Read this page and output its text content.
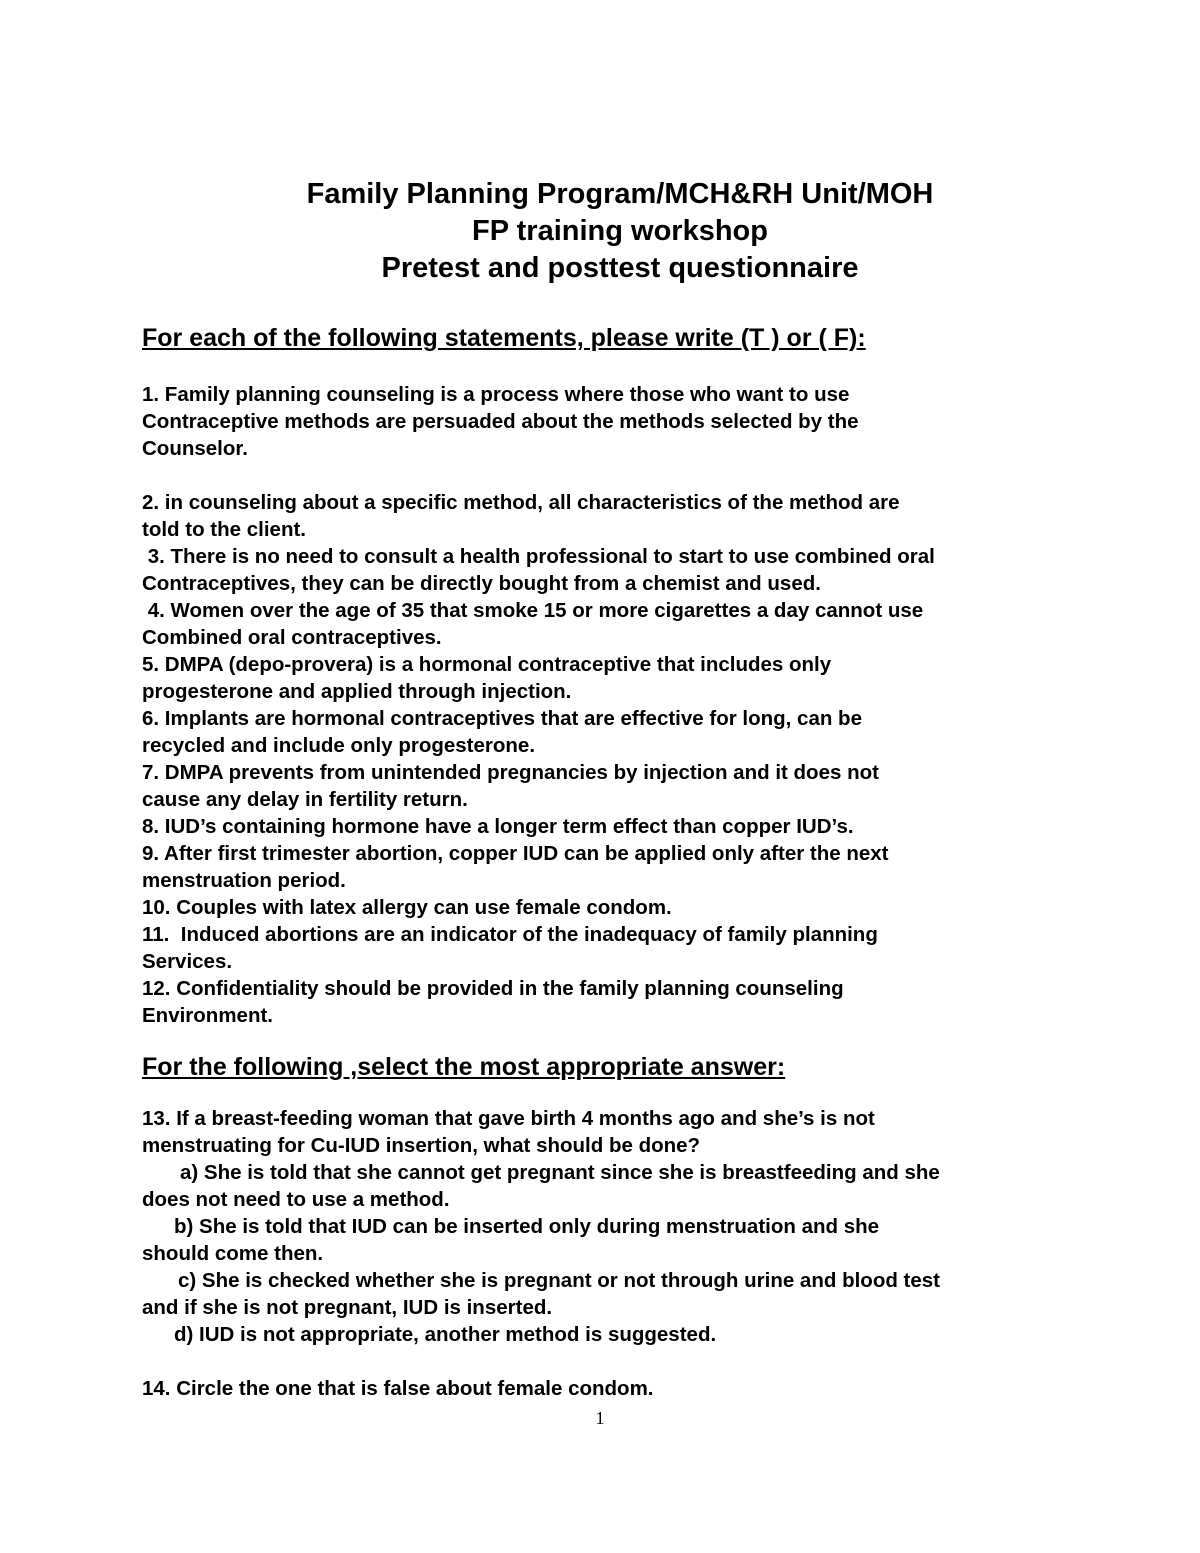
Family Planning Program/MCH&RH Unit/MOH
FP training workshop
Pretest and posttest questionnaire
For each of the following statements, please write (T ) or ( F):
1. Family planning counseling is a process where those who want to use
Contraceptive methods are persuaded about the methods selected by the
Counselor.
2. in counseling about a specific method, all characteristics of the method are
told to the client.
3. There is no need to consult a health professional to start to use combined oral
Contraceptives, they can be directly bought from a chemist and used.
4. Women over the age of 35 that smoke 15 or more cigarettes a day cannot use
Combined oral contraceptives.
5. DMPA (depo-provera) is a hormonal contraceptive that includes only
progesterone and applied through injection.
6. Implants are hormonal contraceptives that are effective for long, can be
recycled and include only progesterone.
7. DMPA prevents from unintended pregnancies by injection and it does not
cause any delay in fertility return.
8. IUD’s containing hormone have a longer term effect than copper IUD’s.
9. After first trimester abortion, copper IUD can be applied only after the next
menstruation period.
10. Couples with latex allergy can use female condom.
11.  Induced abortions are an indicator of the inadequacy of family planning
Services.
12. Confidentiality should be provided in the family planning counseling
Environment.
For the following ,select the most appropriate answer:
13. If a breast-feeding woman that gave birth 4 months ago and she’s is not
menstruating for Cu-IUD insertion, what should be done?
a) She is told that she cannot get pregnant since she is breastfeeding and she
does not need to use a method.
b) She is told that IUD can be inserted only during menstruation and she
should come then.
c) She is checked whether she is pregnant or not through urine and blood test
and if she is not pregnant, IUD is inserted.
d) IUD is not appropriate, another method is suggested.
14. Circle the one that is false about female condom.
1
